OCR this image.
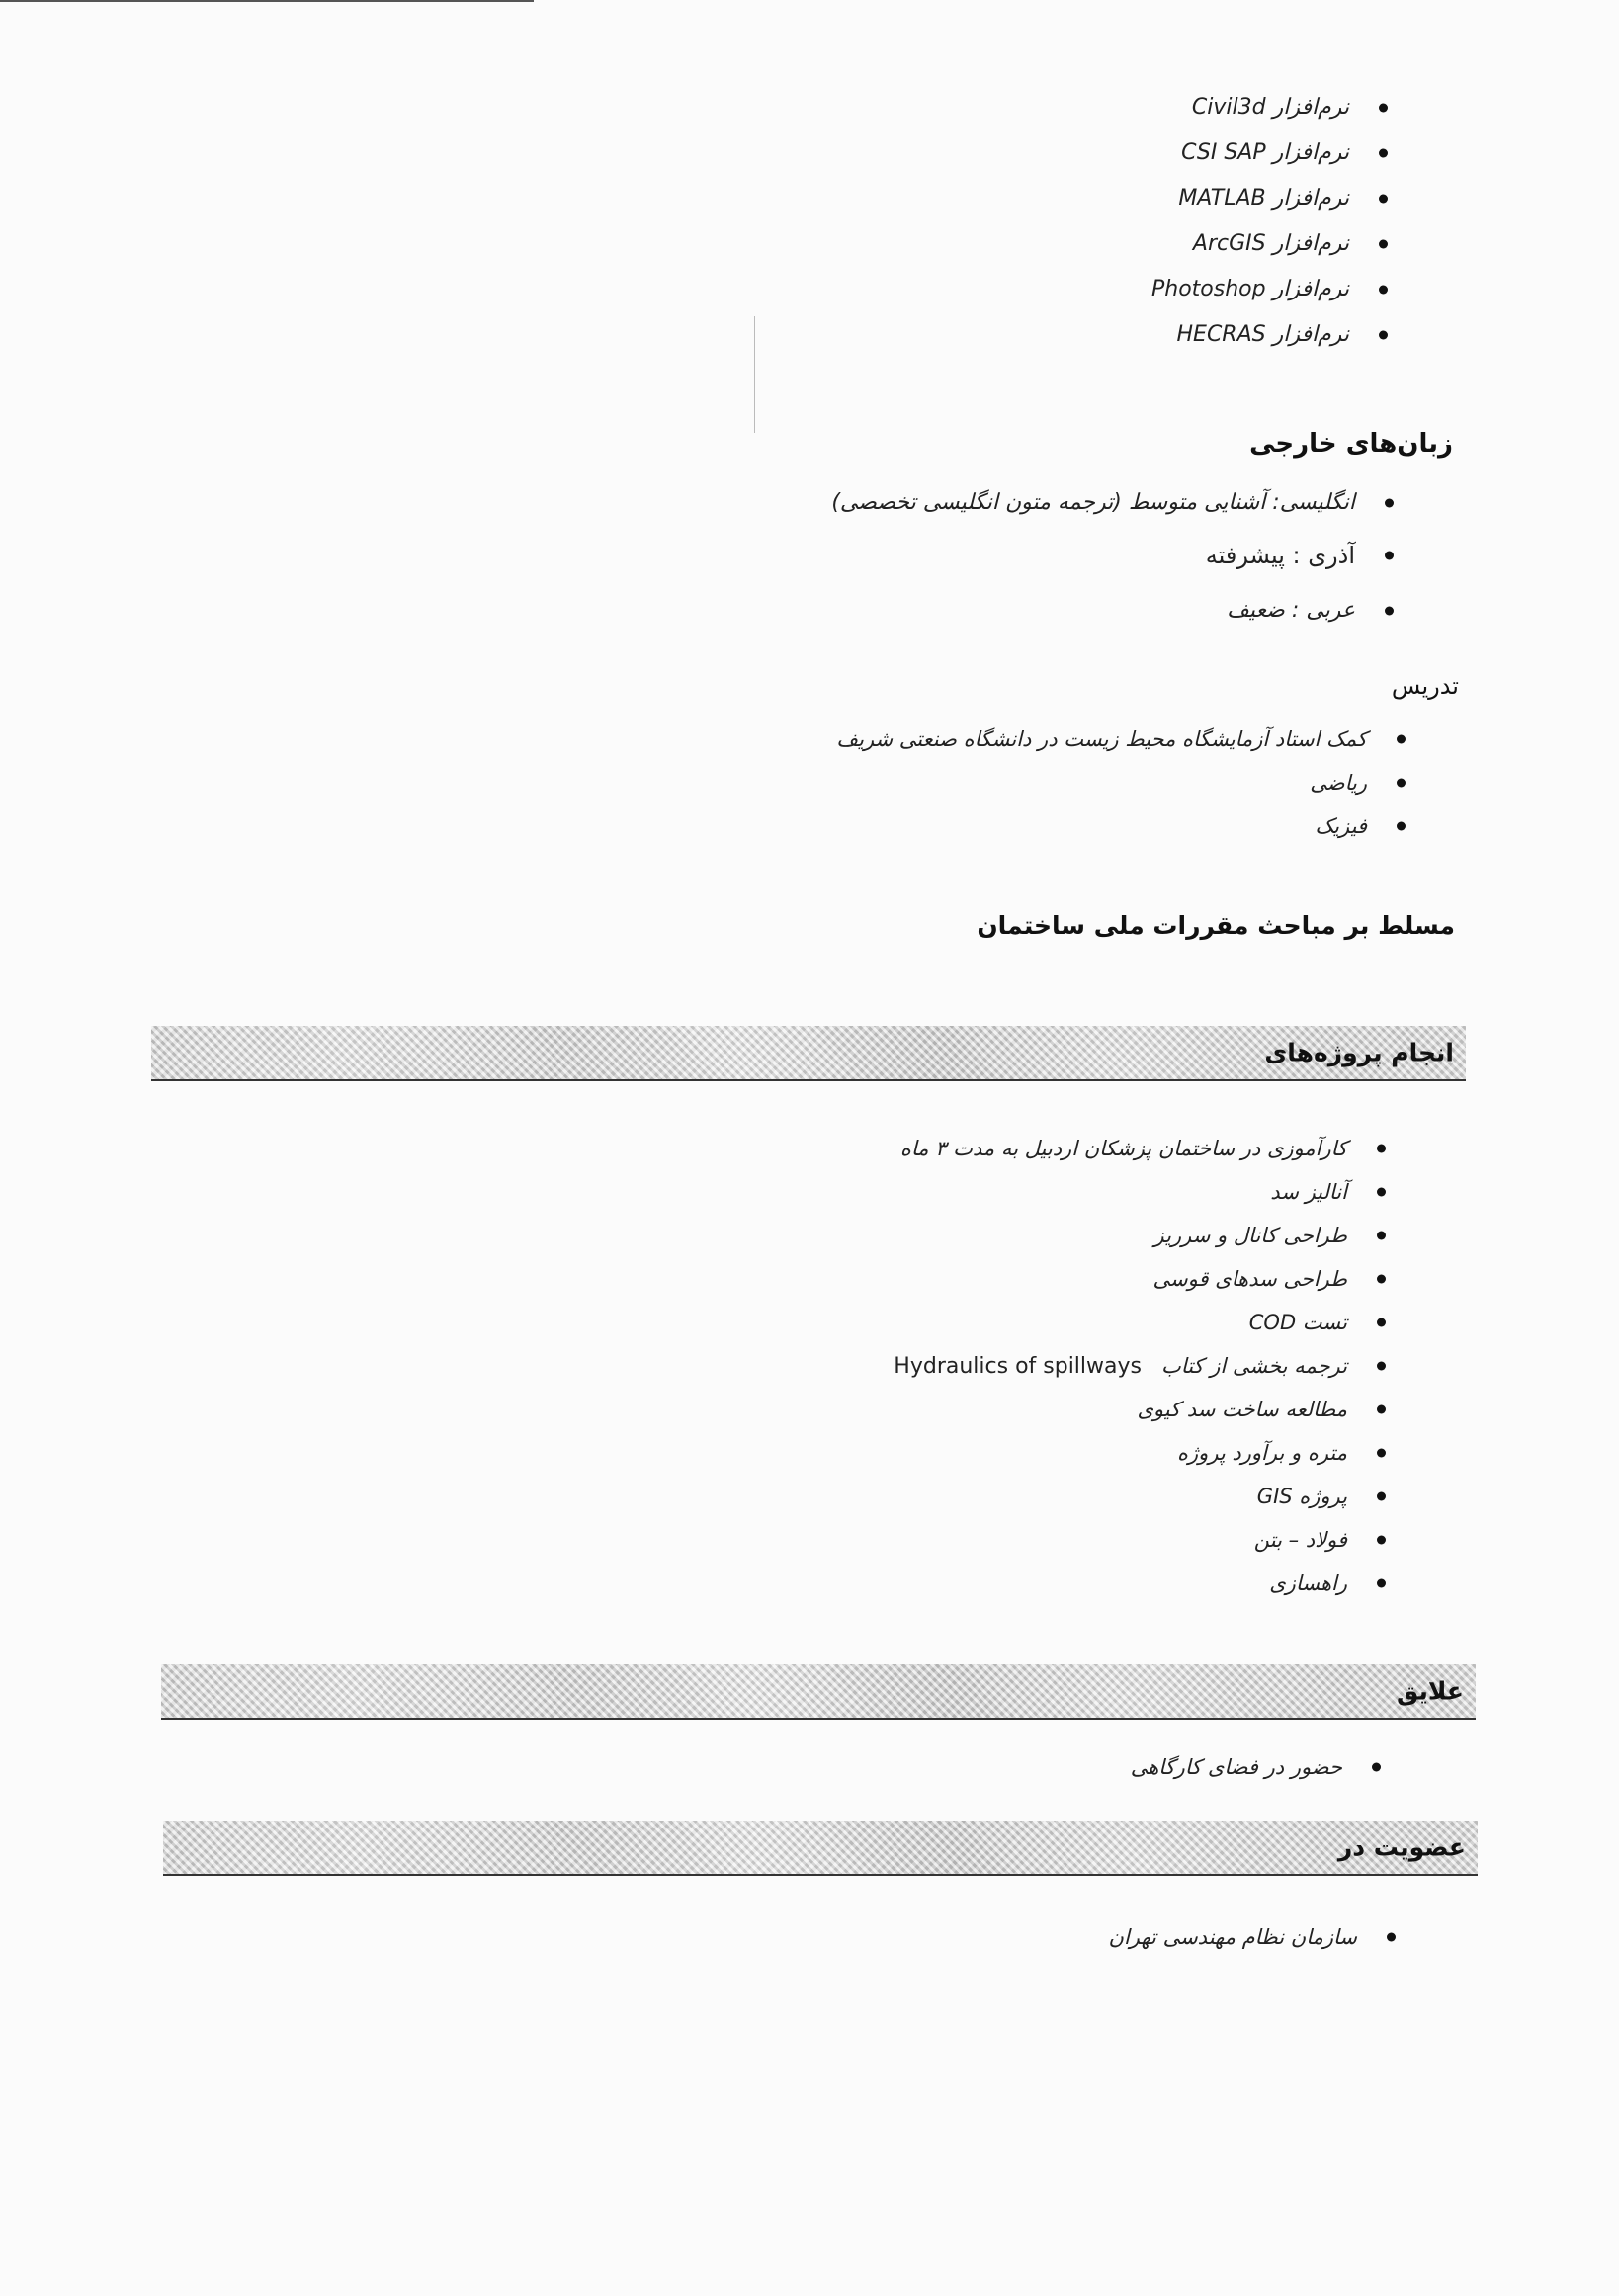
نرم‌افزار Civil3d
نرم‌افزار CSI SAP
نرم‌افزار MATLAB
نرم‌افزار ArcGIS
نرم‌افزار Photoshop
نرم‌افزار HECRAS
زبان‌های خارجی
انگلیسی: آشنایی متوسط (ترجمه متون انگلیسی تخصصی)
آذری : پیشرفته
عربی : ضعیف
تدریس
کمک استاد آزمایشگاه محیط زیست در دانشگاه صنعتی شریف
ریاضی
فیزیک
مسلط بر مباحث مقررات ملی ساختمان
انجام پروژه‌های
کارآموزی در ساختمان پزشکان اردبیل به مدت ۳ ماه
آنالیز سد
طراحی کانال و سرریز
طراحی سدهای قوسی
تست COD
ترجمه بخشی از کتاب   Hydraulics of spillways
مطالعه ساخت سد کیوی
متره و برآورد پروژه
پروژه GIS
فولاد – بتن
راهسازی
علایق
حضور در فضای کارگاهی
عضویت در
سازمان نظام مهندسی تهران
